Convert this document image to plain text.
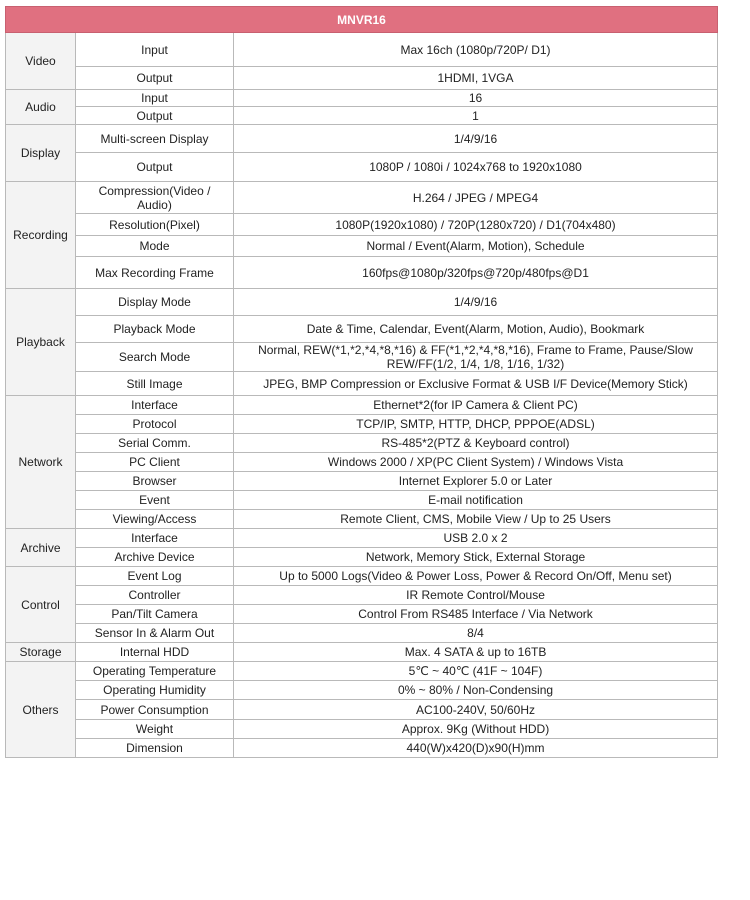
MNVR16		
Video	Input	Max 16ch (1080p/720P/ D1)
	Output	1HDMI, 1VGA
Audio	Input	16
	Output	1
Display	Multi-screen Display	1/4/9/16
	Output	1080P / 1080i / 1024x768 to 1920x1080
Recording	Compression(Video / Audio)	H.264 / JPEG / MPEG4
	Resolution(Pixel)	1080P(1920x1080) / 720P(1280x720) / D1(704x480)
	Mode	Normal / Event(Alarm, Motion), Schedule
	Max Recording Frame	160fps@1080p/320fps@720p/480fps@D1
Playback	Display Mode	1/4/9/16
	Playback Mode	Date & Time, Calendar, Event(Alarm, Motion, Audio), Bookmark
	Search Mode	Normal, REW(*1,*2,*4,*8,*16) & FF(*1,*2,*4,*8,*16), Frame to Frame, Pause/Slow REW/FF(1/2, 1/4, 1/8, 1/16, 1/32)
	Still Image	JPEG, BMP Compression or Exclusive Format & USB I/F Device(Memory Stick)
Network	Interface	Ethernet*2(for IP Camera & Client PC)
	Protocol	TCP/IP, SMTP, HTTP, DHCP, PPPOE(ADSL)
	Serial Comm.	RS-485*2(PTZ & Keyboard control)
	PC Client	Windows 2000 / XP(PC Client System) / Windows Vista
	Browser	Internet Explorer 5.0 or Later
	Event	E-mail notification
	Viewing/Access	Remote Client, CMS, Mobile View / Up to 25 Users
Archive	Interface	USB 2.0 x 2
	Archive Device	Network, Memory Stick, External Storage
Control	Event Log	Up to 5000 Logs(Video & Power Loss, Power & Record On/Off, Menu set)
	Controller	IR Remote Control/Mouse
	Pan/Tilt Camera	Control From RS485 Interface / Via Network
	Sensor In & Alarm Out	8/4
Storage	Internal HDD	Max. 4 SATA & up to 16TB
Others	Operating Temperature	5℃ ~ 40℃ (41F ~ 104F)
	Operating Humidity	0% ~ 80% / Non-Condensing
	Power Consumption	AC100-240V, 50/60Hz
	Weight	Approx. 9Kg (Without HDD)
	Dimension	440(W)x420(D)x90(H)mm
